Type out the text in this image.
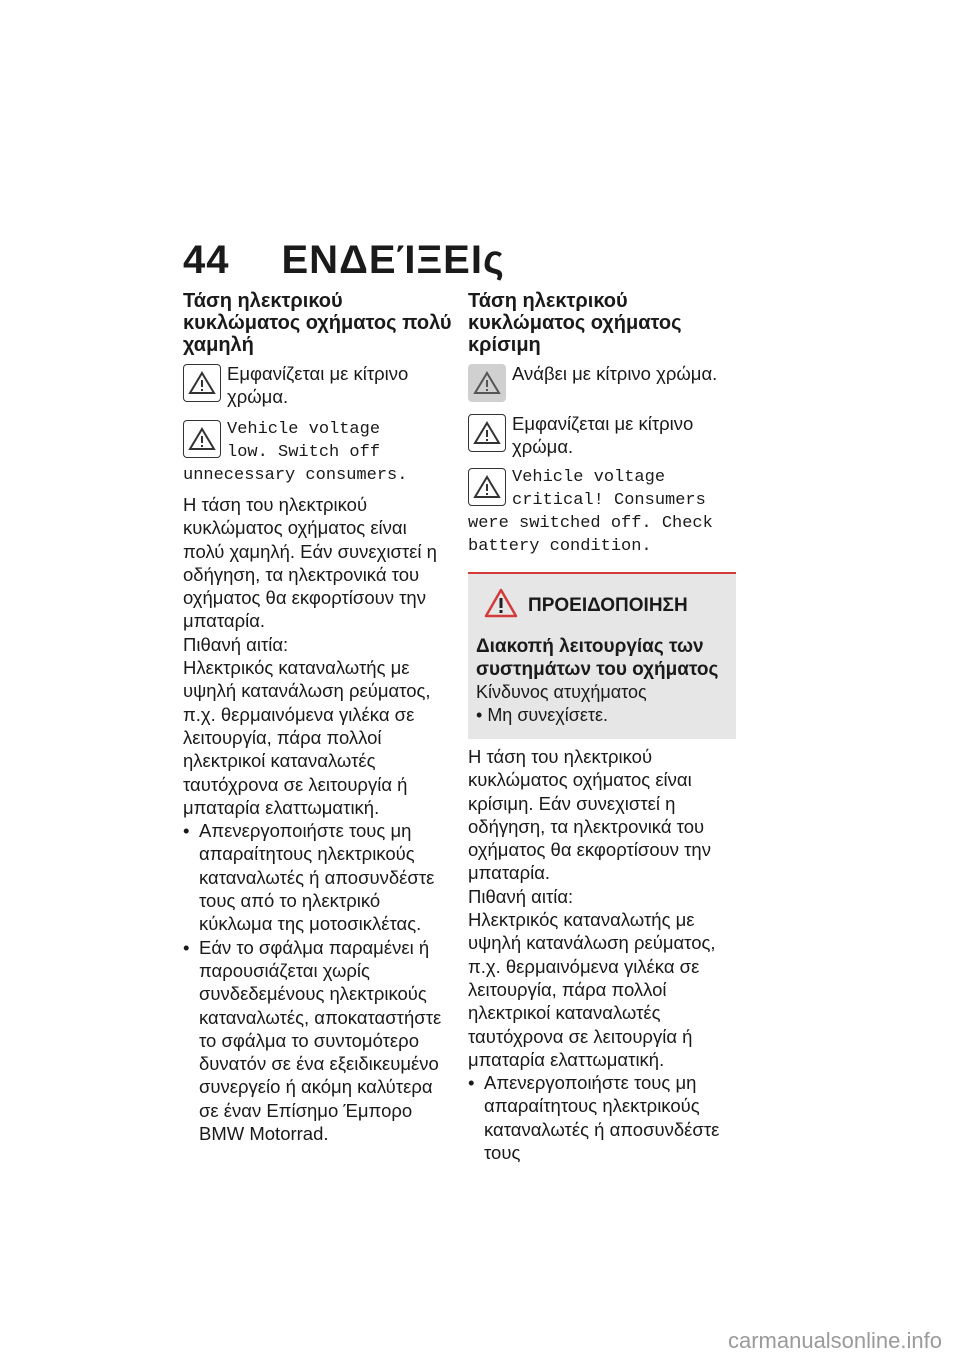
44 ΕΝΔΕΊΞΕΙς
Τάση ηλεκτρικού κυκλώματος οχήματος πολύ χαμηλή
Εμφανίζεται με κίτρινο χρώμα.
Vehicle voltage
low. Switch off
unnecessary consumers.

Η τάση του ηλεκτρικού κυκλώματος οχήματος είναι πολύ χαμηλή. Εάν συνεχιστεί η οδήγηση, τα ηλεκτρονικά του οχήματος θα εκφορτίσουν την μπαταρία.

Πιθανή αιτία:

Ηλεκτρικός καταναλωτής με υψηλή κατανάλωση ρεύματος, π.χ. θερμαινόμενα γιλέκα σε λειτουργία, πάρα πολλοί ηλεκτρικοί καταναλωτές ταυτόχρονα σε λειτουργία ή μπαταρία ελαττωματική.

• Απενεργοποιήστε τους μη απαραίτητους ηλεκτρικούς καταναλωτές ή αποσυνδέστε τους από το ηλεκτρικό κύκλωμα της μοτοσικλέτας.
• Εάν το σφάλμα παραμένει ή παρουσιάζεται χωρίς συνδεδεμένους ηλεκτρικούς καταναλωτές, αποκαταστήστε το σφάλμα το συντομότερο δυνατόν σε ένα εξειδικευμένο συνεργείο ή ακόμη καλύτερα σε έναν Επίσημο Έμπορο BMW Motorrad.
Τάση ηλεκτρικού κυκλώματος οχήματος κρίσιμη
Ανάβει με κίτρινο χρώμα.
Εμφανίζεται με κίτρινο χρώμα.
Vehicle voltage
critical! Consumers
were switched off. Check
battery condition.
ΠΡΟΕΙΔΟΠΟΙΗΣΗ
Διακοπή λειτουργίας των συστημάτων του οχήματος
Κίνδυνος ατυχήματος
• Μη συνεχίσετε.

Η τάση του ηλεκτρικού κυκλώματος οχήματος είναι κρίσιμη. Εάν συνεχιστεί η οδήγηση, τα ηλεκτρονικά του οχήματος θα εκφορτίσουν την μπαταρία.

Πιθανή αιτία:

Ηλεκτρικός καταναλωτής με υψηλή κατανάλωση ρεύματος, π.χ. θερμαινόμενα γιλέκα σε λειτουργία, πάρα πολλοί ηλεκτρικοί καταναλωτές ταυτόχρονα σε λειτουργία ή μπαταρία ελαττωματική.

• Απενεργοποιήστε τους μη απαραίτητους ηλεκτρικούς καταναλωτές ή αποσυνδέστε τους
carmanualsonline.info
